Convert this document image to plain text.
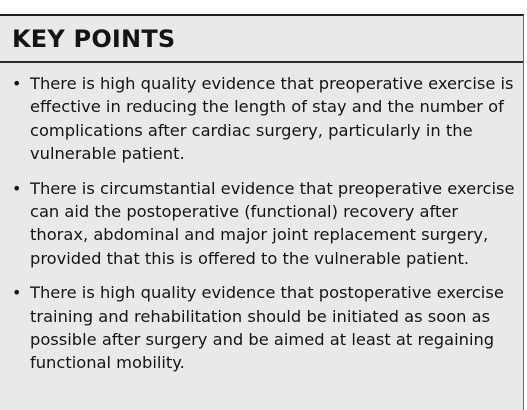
KEY POINTS
• There is high quality evidence that preoperative exercise is effective in reducing the length of stay and the number of complications after cardiac surgery, particularly in the vulnerable patient.
• There is circumstantial evidence that preoperative exercise can aid the postoperative (functional) recovery after thorax, abdominal and major joint replacement surgery, provided that this is offered to the vulnerable patient.
• There is high quality evidence that postoperative exercise training and rehabilitation should be initiated as soon as possible after surgery and be aimed at least at regaining functional mobility.
